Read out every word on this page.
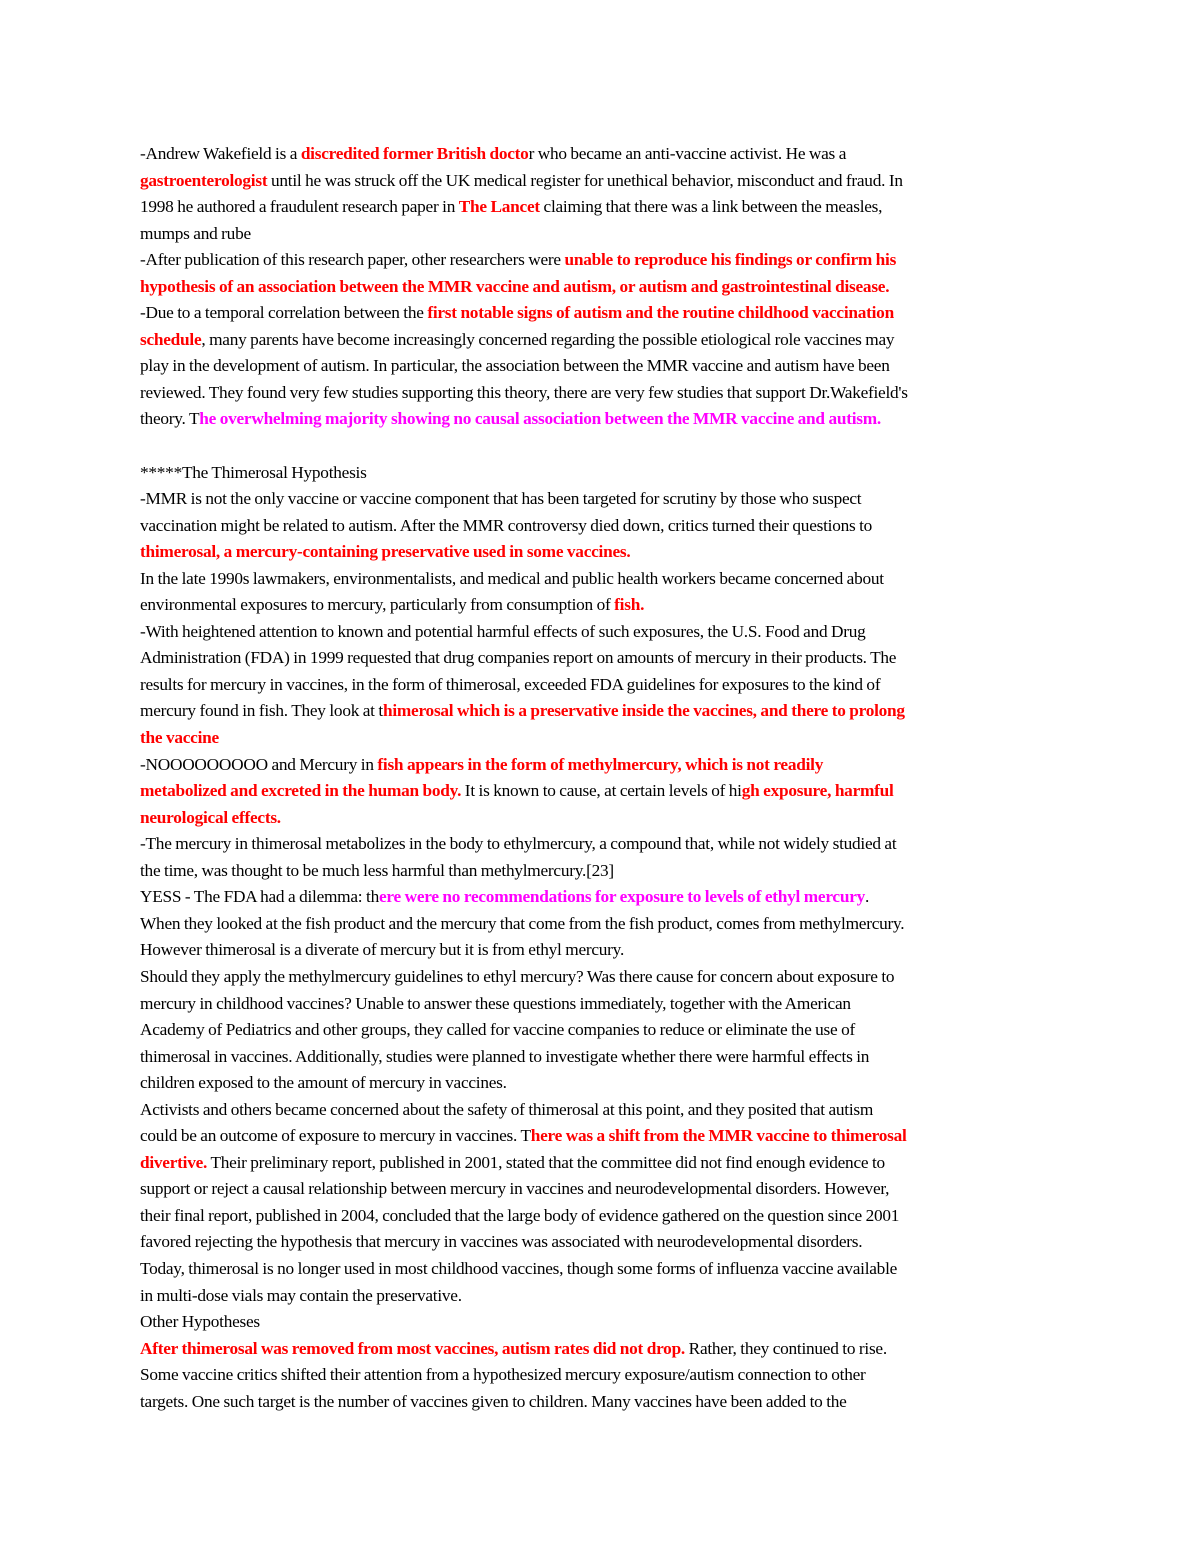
-Andrew Wakefield is a discredited former British doctor who became an anti-vaccine activist. He was a
gastroenterologist until he was struck off the UK medical register for unethical behavior, misconduct and fraud. In
1998 he authored a fraudulent research paper in The Lancet claiming that there was a link between the measles,
mumps and rube
-After publication of this research paper, other researchers were unable to reproduce his findings or confirm his
hypothesis of an association between the MMR vaccine and autism, or autism and gastrointestinal disease.
-Due to a temporal correlation between the first notable signs of autism and the routine childhood vaccination
schedule, many parents have become increasingly concerned regarding the possible etiological role vaccines may
play in the development of autism. In particular, the association between the MMR vaccine and autism have been
reviewed. They found very few studies supporting this theory, there are very few studies that support Dr.Wakefield's
theory. The overwhelming majority showing no causal association between the MMR vaccine and autism.
*****The Thimerosal Hypothesis
-MMR is not the only vaccine or vaccine component that has been targeted for scrutiny by those who suspect
vaccination might be related to autism. After the MMR controversy died down, critics turned their questions to
thimerosal, a mercury-containing preservative used in some vaccines.
In the late 1990s lawmakers, environmentalists, and medical and public health workers became concerned about
environmental exposures to mercury, particularly from consumption of fish.
-With heightened attention to known and potential harmful effects of such exposures, the U.S. Food and Drug
Administration (FDA) in 1999 requested that drug companies report on amounts of mercury in their products. The
results for mercury in vaccines, in the form of thimerosal, exceeded FDA guidelines for exposures to the kind of
mercury found in fish. They look at thimerosal which is a preservative inside the vaccines, and there to prolong
the vaccine
-NOOOOOOOOO and Mercury in fish appears in the form of methylmercury, which is not readily
metabolized and excreted in the human body. It is known to cause, at certain levels of high exposure, harmful
neurological effects.
-The mercury in thimerosal metabolizes in the body to ethylmercury, a compound that, while not widely studied at
the time, was thought to be much less harmful than methylmercury.[23]
YESS - The FDA had a dilemma: there were no recommendations for exposure to levels of ethyl mercury.
When they looked at the fish product and the mercury that come from the fish product, comes from methylmercury.
However thimerosal is a diverate of mercury but it is from ethyl mercury.
Should they apply the methylmercury guidelines to ethyl mercury? Was there cause for concern about exposure to
mercury in childhood vaccines? Unable to answer these questions immediately, together with the American
Academy of Pediatrics and other groups, they called for vaccine companies to reduce or eliminate the use of
thimerosal in vaccines. Additionally, studies were planned to investigate whether there were harmful effects in
children exposed to the amount of mercury in vaccines.
Activists and others became concerned about the safety of thimerosal at this point, and they posited that autism
could be an outcome of exposure to mercury in vaccines. There was a shift from the MMR vaccine to thimerosal
divertive. Their preliminary report, published in 2001, stated that the committee did not find enough evidence to
support or reject a causal relationship between mercury in vaccines and neurodevelopmental disorders. However,
their final report, published in 2004, concluded that the large body of evidence gathered on the question since 2001
favored rejecting the hypothesis that mercury in vaccines was associated with neurodevelopmental disorders.
Today, thimerosal is no longer used in most childhood vaccines, though some forms of influenza vaccine available
in multi-dose vials may contain the preservative.
Other Hypotheses
After thimerosal was removed from most vaccines, autism rates did not drop. Rather, they continued to rise.
Some vaccine critics shifted their attention from a hypothesized mercury exposure/autism connection to other
targets. One such target is the number of vaccines given to children. Many vaccines have been added to the
